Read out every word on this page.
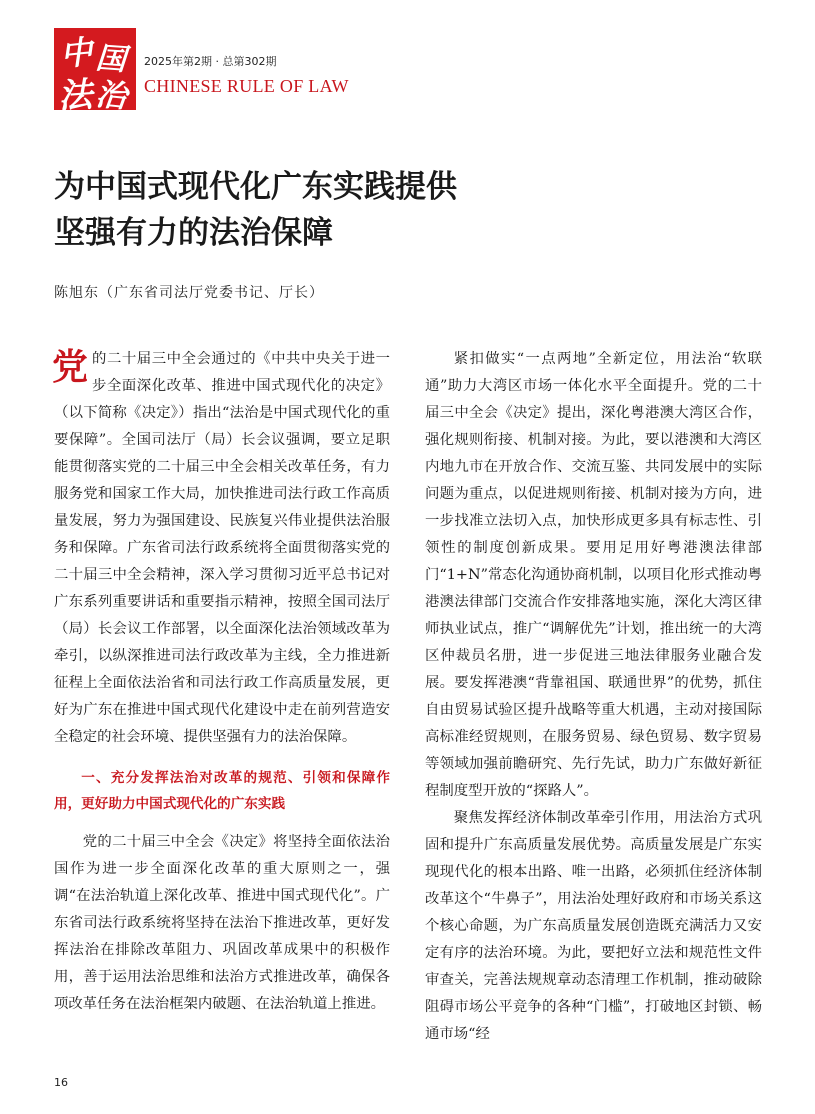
中 国
法 治
2025年第2期 · 总第302期
CHINESE RULE OF LAW
为中国式现代化广东实践提供
坚强有力的法治保障
陈旭东（广东省司法厅党委书记、厅长）

党的二十届三中全会通过的《中共中央关于进一步全面深化改革、推进中国式现代化的决定》（以下简称《决定》）指出“法治是中国式现代化的重要保障”。全国司法厅（局）长会议强调，要立足职能贯彻落实党的二十届三中全会相关改革任务，有力服务党和国家工作大局，加快推进司法行政工作高质量发展，努力为强国建设、民族复兴伟业提供法治服务和保障。广东省司法行政系统将全面贯彻落实党的二十届三中全会精神，深入学习贯彻习近平总书记对广东系列重要讲话和重要指示精神，按照全国司法厅（局）长会议工作部署，以全面深化法治领域改革为牵引，以纵深推进司法行政改革为主线，全力推进新征程上全面依法治省和司法行政工作高质量发展，更好为广东在推进中国式现代化建设中走在前列营造安全稳定的社会环境、提供坚强有力的法治保障。

一、充分发挥法治对改革的规范、引领和保障作用，更好助力中国式现代化的广东实践

党的二十届三中全会《决定》将坚持全面依法治国作为进一步全面深化改革的重大原则之一，强调“在法治轨道上深化改革、推进中国式现代化”。广东省司法行政系统将坚持在法治下推进改革，更好发挥法治在排除改革阻力、巩固改革成果中的积极作用，善于运用法治思维和法治方式推进改革，确保各项改革任务在法治框架内破题、在法治轨道上推进。

紧扣做实“一点两地”全新定位，用法治“软联通”助力大湾区市场一体化水平全面提升。党的二十届三中全会《决定》提出，深化粤港澳大湾区合作，强化规则衔接、机制对接。为此，要以港澳和大湾区内地九市在开放合作、交流互鉴、共同发展中的实际问题为重点，以促进规则衔接、机制对接为方向，进一步找准立法切入点，加快形成更多具有标志性、引领性的制度创新成果。要用足用好粤港澳法律部门“1+N”常态化沟通协商机制，以项目化形式推动粤港澳法律部门交流合作安排落地实施，深化大湾区律师执业试点，推广“调解优先”计划，推出统一的大湾区仲裁员名册，进一步促进三地法律服务业融合发展。要发挥港澳“背靠祖国、联通世界”的优势，抓住自由贸易试验区提升战略等重大机遇，主动对接国际高标准经贸规则，在服务贸易、绿色贸易、数字贸易等领域加强前瞻研究、先行先试，助力广东做好新征程制度型开放的“探路人”。

聚焦发挥经济体制改革牵引作用，用法治方式巩固和提升广东高质量发展优势。高质量发展是广东实现现代化的根本出路、唯一出路，必须抓住经济体制改革这个“牛鼻子”，用法治处理好政府和市场关系这个核心命题，为广东高质量发展创造既充满活力又安定有序的法治环境。为此，要把好立法和规范性文件审查关，完善法规规章动态清理工作机制，推动破除阻碍市场公平竞争的各种“门槛”，打破地区封锁、畅通市场“经

16
